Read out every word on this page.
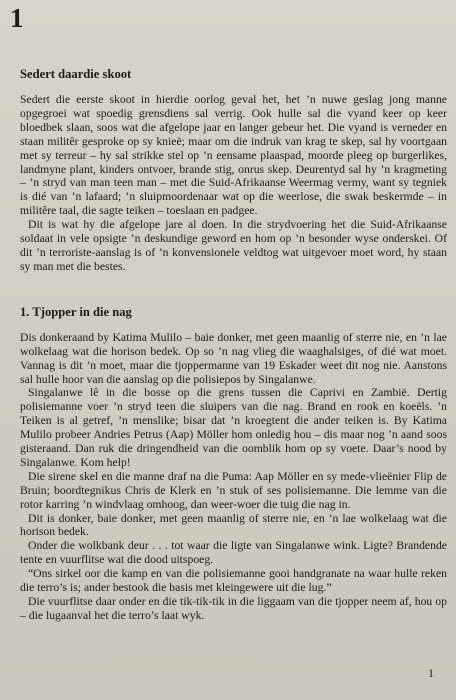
1
Sedert daardie skoot

Sedert die eerste skoot in hierdie oorlog geval het, het ’n nuwe geslag jong manne opgegroei wat spoedig grensdiens sal verrig. Ook hulle sal die vyand keer op keer bloedbek slaan, soos wat die afgelope jaar en langer gebeur het. Die vyand is verneder en staan militêr gesproke op sy knieë; maar om die indruk van krag te skep, sal hy voortgaan met sy terreur – hy sal strikke stel op ’n eensame plaaspad, moorde pleeg op burgerlikes, landmyne plant, kinders ontvoer, brande stig, onrus skep. Deurentyd sal hy ’n kragmeting – ’n stryd van man teen man – met die Suid-Afrikaanse Weermag vermy, want sy tegniek is dié van ’n lafaard; ’n sluipmoordenaar wat op die weerlose, die swak beskermde – in militêre taal, die sagte teiken – toeslaan en padgee.

Dit is wat hy die afgelope jare al doen. In die strydvoering het die Suid-Afrikaanse soldaat in vele opsigte ’n deskundige geword en hom op ’n besonder wyse onderskei. Of dit ’n terroriste-aanslag is of ’n konvensionele veldtog wat uitgevoer moet word, hy staan sy man met die bestes.

1. Tjopper in die nag

Dis donkeraand by Katima Mulilo – baie donker, met geen maanlig of sterre nie, en ’n lae wolkelaag wat die horison bedek. Op so ’n nag vlieg die waaghalsiges, of dié wat moet. Vannag is dit ’n moet, maar die tjoppermanne van 19 Eskader weet dit nog nie. Aanstons sal hulle hoor van die aanslag op die polisiepos by Singalanwe.

Singalanwe lê in die bosse op die grens tussen die Caprivi en Zambië. Dertig polisiemanne voer ’n stryd teen die sluipers van die nag. Brand en rook en koeëls. ’n Teiken is al getref, ’n menslike; bisar dat ’n kroegtent die ander teiken is. By Katima Mulilo probeer Andries Petrus (Aap) Möller hom onledig hou – dis maar nog ’n aand soos gisteraand. Dan ruk die dringendheid van die oomblik hom op sy voete. Daar’s nood by Singalanwe. Kom help!

Die sirene skel en die manne draf na die Puma: Aap Möller en sy mede-vlieënier Flip de Bruin; boordtegnikus Chris de Klerk en ’n stuk of ses polisiemanne. Die lemme van die rotor karring ’n windvlaag omhoog, dan weer-woer die tuig die nag in.

Dit is donker, baie donker, met geen maanlig of sterre nie, en ’n lae wolkelaag wat die horison bedek.

Onder die wolkbank deur . . . tot waar die ligte van Singalanwe wink. Ligte? Brandende tente en vuurflitse wat die dood uitspoeg.

“Ons sirkel oor die kamp en van die polisiemanne gooi handgranate na waar hulle reken die terro’s is; ander bestook die basis met kleingewere uit die lug.”

Die vuurflitse daar onder en die tik-tik-tik in die liggaam van die tjopper neem af, hou op – die lugaanval het die terro’s laat wyk.

1
